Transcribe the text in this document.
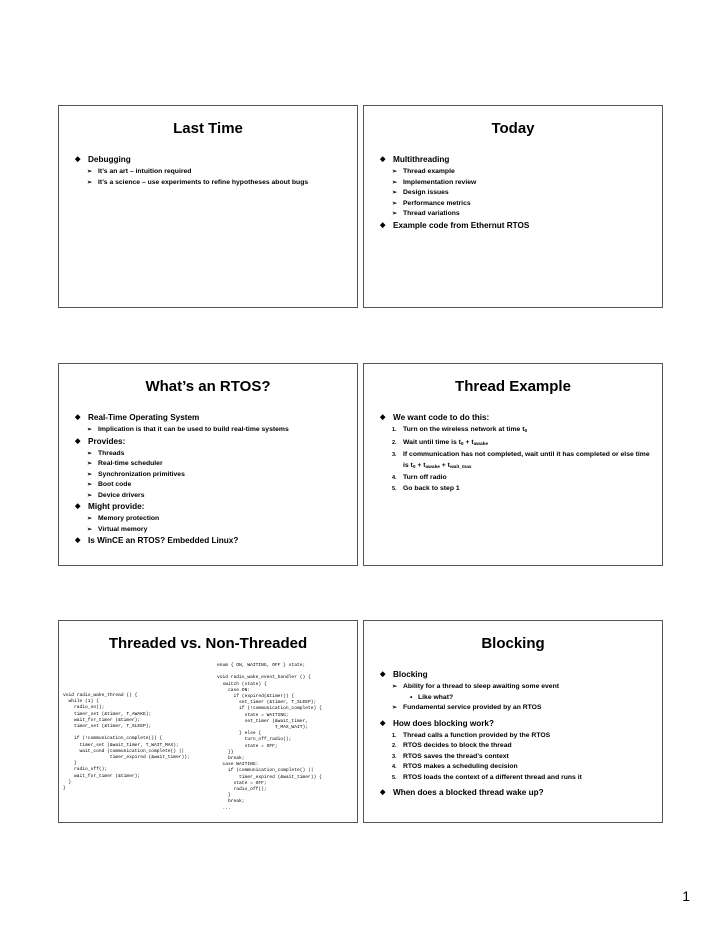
Last Time
◆ Debugging
➢ It’s an art – intuition required
➢ It’s a science – use experiments to refine hypotheses about bugs
Today
◆ Multithreading
➢ Thread example
➢ Implementation review
➢ Design issues
➢ Performance metrics
➢ Thread variations
◆ Example code from Ethernut RTOS
What’s an RTOS?
◆ Real-Time Operating System
➢ Implication is that it can be used to build real-time systems
◆ Provides:
➢ Threads
➢ Real-time scheduler
➢ Synchronization primitives
➢ Boot code
➢ Device drivers
◆ Might provide:
➢ Memory protection
➢ Virtual memory
◆ Is WinCE an RTOS? Embedded Linux?
Thread Example
◆ We want code to do this:
1. Turn on the wireless network at time $t_0$
2. Wait until time is $t_0 + t_{awake}$
3. If communication has not completed, wait until it has completed or else time is $t_0 + t_{awake} + t_{wait\_max}$
4. Turn off radio
5. Go back to step 1
Threaded vs. Non-Threaded
void radio_wake_thread () {
while (1) {
radio_on();
timer_set (&timer, T_AWAKE);
wait_for_timer (&timer);
timer_set (&timer, T_SLEEP);

if (!communication_complete()) {
timer_set (&wait_timer, T_WAIT_MAX);
wait_cond (communication_complete() ||
timer_expired (&wait_timer));
}
radio_off();
wait_for_timer (&timer);
}
}
enum { ON, WAITING, OFF } state;

void radio_wake_event_handler () {
switch (state) {
case ON:
if (expired(&timer)) {
set_timer (&timer, T_SLEEP);
if (!communication_complete) {
state = WAITING;
set_timer (&wait_timer,
T_MAX_WAIT);
} else {
turn_off_radio();
state = OFF;
}}
break;
case WAITING:
if (communication_complete() ||
timer_expired (&wait_timer)) {
state = OFF;
radio_off();
}
break;
...
Blocking
◆ Blocking
➢ Ability for a thread to sleep awaiting some event
• Like what?
➢ Fundamental service provided by an RTOS
◆ How does blocking work?
1. Thread calls a function provided by the RTOS
2. RTOS decides to block the thread
3. RTOS saves the thread’s context
4. RTOS makes a scheduling decision
5. RTOS loads the context of a different thread and runs it
◆ When does a blocked thread wake up?
1
